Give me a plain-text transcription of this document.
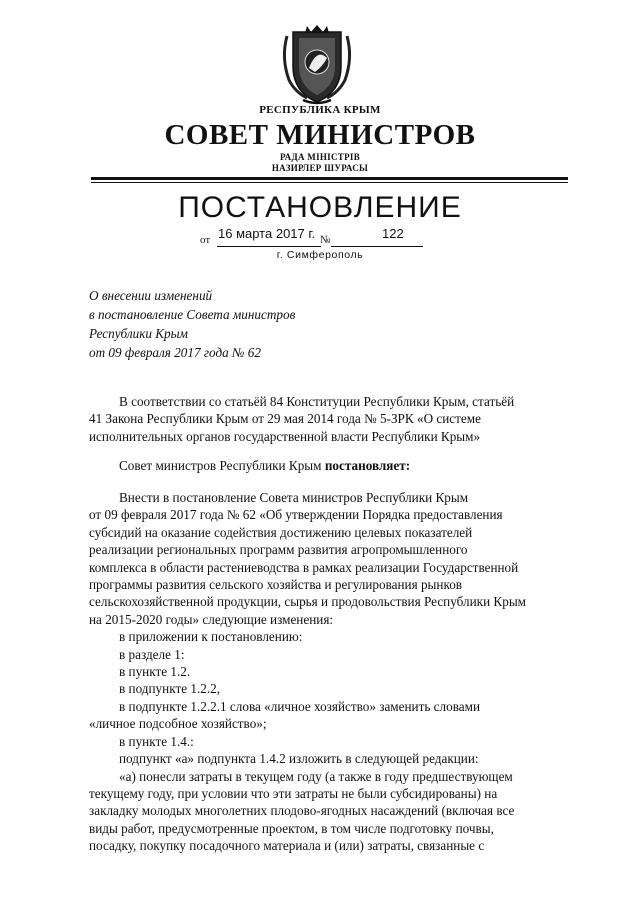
РЕСПУБЛИКА КРЫМ
СОВЕТ МИНИСТРОВ
РАДА МІНІСТРІВ
НАЗИРЛЕР ШУРАСЫ
ПОСТАНОВЛЕНИЕ
от 16 марта 2017 г. №	122
г. Симферополь
О внесении изменений
в постановление Совета министров
Республики Крым
от 09 февраля 2017 года № 62
В соответствии со статьёй 84 Конституции Республики Крым, статьёй
41 Закона Республики Крым от 29 мая 2014 года № 5-ЗРК «О системе
исполнительных органов государственной власти Республики Крым»
Совет министров Республики Крым постановляет:
Внести в постановление Совета министров Республики Крым
от 09 февраля 2017 года № 62 «Об утверждении Порядка предоставления
субсидий на оказание содействия достижению целевых показателей
реализации региональных программ развития агропромышленного
комплекса в области растениеводства в рамках реализации Государственной
программы развития сельского хозяйства и регулирования рынков
сельскохозяйственной продукции, сырья и продовольствия Республики Крым
на 2015-2020 годы» следующие изменения:
в приложении к постановлению:
в разделе 1:
в пункте 1.2.
в подпункте 1.2.2,
в подпункте 1.2.2.1 слова «личное хозяйство» заменить словами
«личное подсобное хозяйство»;
в пункте 1.4.:
подпункт «а» подпункта 1.4.2 изложить в следующей редакции:
«а) понесли затраты в текущем году (а также в году предшествующем
текущему году, при условии что эти затраты не были субсидированы) на
закладку молодых многолетних плодово-ягодных насаждений (включая все
виды работ, предусмотренные проектом, в том числе подготовку почвы,
посадку, покупку посадочного материала и (или) затраты, связанные с
